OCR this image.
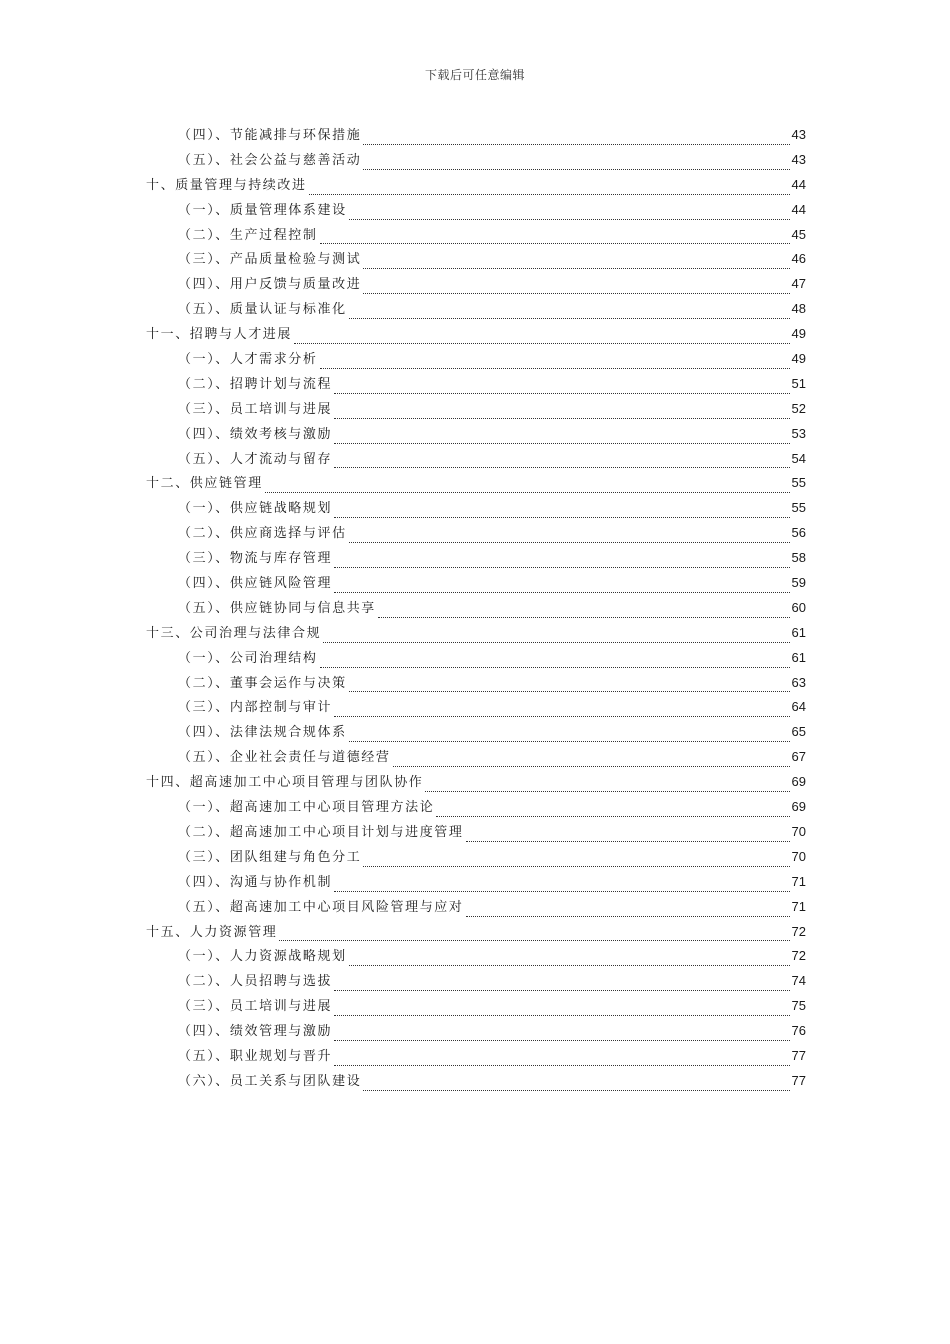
下载后可任意编辑
（四）、节能减排与环保措施	43
（五）、社会公益与慈善活动	43
十、质量管理与持续改进	44
（一）、质量管理体系建设	44
（二）、生产过程控制	45
（三）、产品质量检验与测试	46
（四）、用户反馈与质量改进	47
（五）、质量认证与标准化	48
十一、招聘与人才进展	49
（一）、人才需求分析	49
（二）、招聘计划与流程	51
（三）、员工培训与进展	52
（四）、绩效考核与激励	53
（五）、人才流动与留存	54
十二、供应链管理	55
（一）、供应链战略规划	55
（二）、供应商选择与评估	56
（三）、物流与库存管理	58
（四）、供应链风险管理	59
（五）、供应链协同与信息共享	60
十三、公司治理与法律合规	61
（一）、公司治理结构	61
（二）、董事会运作与决策	63
（三）、内部控制与审计	64
（四）、法律法规合规体系	65
（五）、企业社会责任与道德经营	67
十四、超高速加工中心项目管理与团队协作	69
（一）、超高速加工中心项目管理方法论	69
（二）、超高速加工中心项目计划与进度管理	70
（三）、团队组建与角色分工	70
（四）、沟通与协作机制	71
（五）、超高速加工中心项目风险管理与应对	71
十五、人力资源管理	72
（一）、人力资源战略规划	72
（二）、人员招聘与选拔	74
（三）、员工培训与进展	75
（四）、绩效管理与激励	76
（五）、职业规划与晋升	77
（六）、员工关系与团队建设	77
